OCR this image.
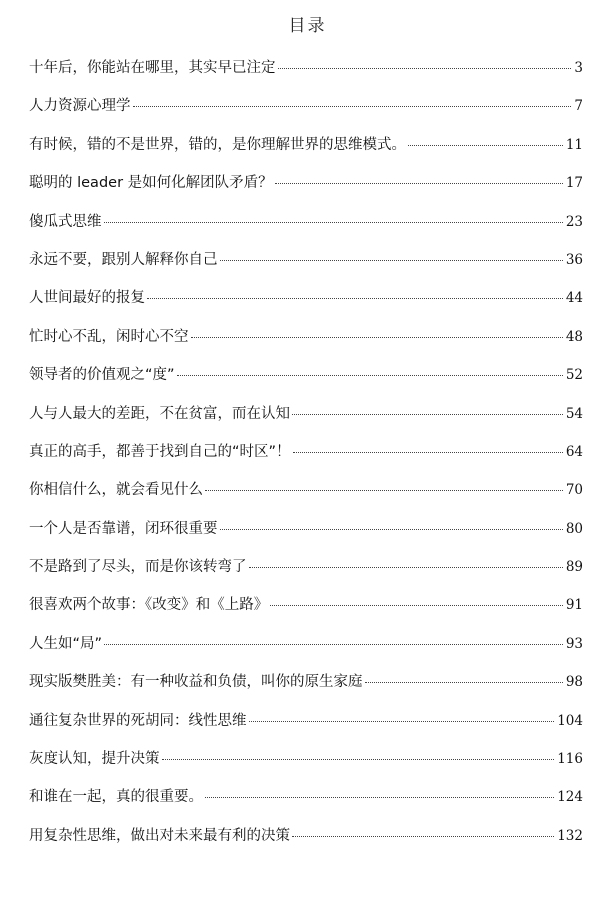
目录
十年后，你能站在哪里，其实早已注定	3
人力资源心理学	7
有时候，错的不是世界，错的，是你理解世界的思维模式。	11
聪明的 leader 是如何化解团队矛盾？	17
傻瓜式思维	23
永远不要，跟别人解释你自己	36
人世间最好的报复	44
忙时心不乱，闲时心不空	48
领导者的价值观之“度”	52
人与人最大的差距，不在贫富，而在认知	54
真正的高手，都善于找到自己的“时区”！	64
你相信什么，就会看见什么	70
一个人是否靠谱，闭环很重要	80
不是路到了尽头，而是你该转弯了	89
很喜欢两个故事：《改变》和《上路》	91
人生如“局”	93
现实版樊胜美：有一种收益和负债，叫你的原生家庭	98
通往复杂世界的死胡同：线性思维	104
灰度认知，提升决策	116
和谁在一起，真的很重要。	124
用复杂性思维，做出对未来最有利的决策	132
